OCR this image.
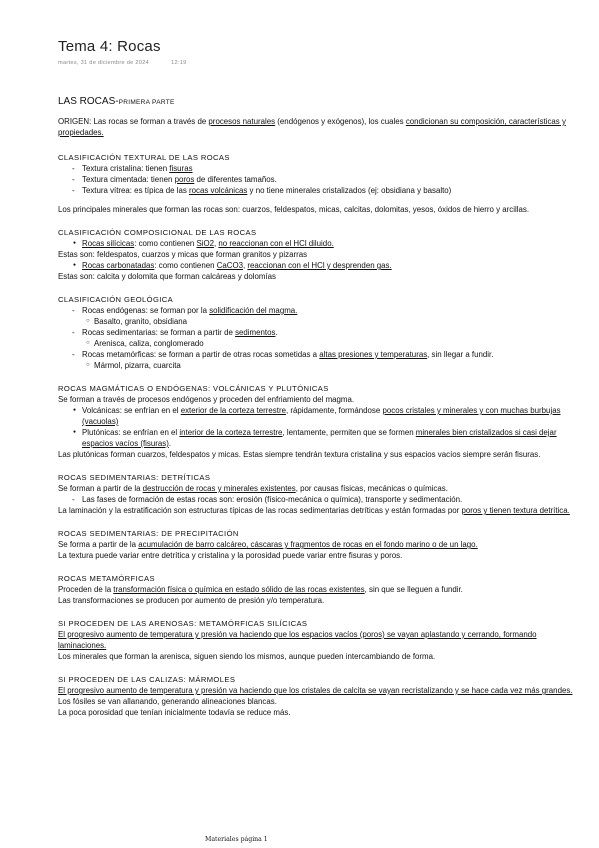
Tema 4: Rocas
martes, 31 de diciembre de 2024	12:19
LAS ROCAS-PRIMERA PARTE

ORIGEN: Las rocas se forman a través de procesos naturales (endógenos y exógenos), los cuales condicionan su composición, características y propiedades.

CLASIFICACIÓN TEXTURAL DE LAS ROCAS
- Textura cristalina: tienen fisuras
- Textura cimentada: tienen poros de diferentes tamaños.
- Textura vítrea: es típica de las rocas volcánicas y no tiene minerales cristalizados (ej: obsidiana y basalto)

Los principales minerales que forman las rocas son: cuarzos, feldespatos, micas, calcitas, dolomitas, yesos, óxidos de hierro y arcillas.

CLASIFICACIÓN COMPOSICIONAL DE LAS ROCAS
● Rocas silícicas: como contienen SiO2, no reaccionan con el HCl diluido.

Estas son: feldespatos, cuarzos y micas que forman granitos y pizarras

● Rocas carbonatadas: como contienen CaCO3, reaccionan con el HCl y desprenden gas.

Estas son: calcita y dolomita que forman calcáreas y dolomías

CLASIFICACIÓN GEOLÓGICA
- Rocas endógenas: se forman por la solidificación del magma.
○ Basalto, granito, obsidiana
- Rocas sedimentarias: se forman a partir de sedimentos.
○ Arenisca, caliza, conglomerado
- Rocas metamórficas: se forman a partir de otras rocas sometidas a altas presiones y temperaturas, sin llegar a fundir.
○ Mármol, pizarra, cuarcita
ROCAS MAGMÁTICAS O ENDÓGENAS: VOLCÁNICAS Y PLUTÓNICAS

Se forman a través de procesos endógenos y proceden del enfriamiento del magma.

● Volcánicas: se enfrían en el exterior de la corteza terrestre, rápidamente, formándose pocos cristales y minerales y con muchas burbujas (vacuolas)
● Plutónicas: se enfrían en el interior de la corteza terrestre, lentamente, permiten que se formen minerales bien cristalizados si casi dejar espacios vacíos (fisuras).

Las plutónicas forman cuarzos, feldespatos y micas. Estas siempre tendrán textura cristalina y sus espacios vacíos siempre serán fisuras.

ROCAS SEDIMENTARIAS: DETRÍTICAS

Se forman a partir de la destrucción de rocas y minerales existentes, por causas físicas, mecánicas o químicas.

- Las fases de formación de estas rocas son: erosión (físico-mecánica o química), transporte y sedimentación.

La laminación y la estratificación son estructuras típicas de las rocas sedimentarias detríticas y están formadas por poros y tienen textura detrítica.

ROCAS SEDIMENTARIAS: DE PRECIPITACIÓN

Se forma a partir de la acumulación de barro calcáreo, cáscaras y fragmentos de rocas en el fondo marino o de un lago.

La textura puede variar entre detrítica y cristalina y la porosidad puede variar entre fisuras y poros.

ROCAS METAMÓRFICAS

Proceden de la transformación física o química en estado sólido de las rocas existentes, sin que se lleguen a fundir.

Las transformaciones se producen por aumento de presión y/o temperatura.

SI PROCEDEN DE LAS ARENOSAS: METAMÓRFICAS SILÍCICAS

El progresivo aumento de temperatura y presión va haciendo que los espacios vacíos (poros) se vayan aplastando y cerrando, formando laminaciones.

Los minerales que forman la arenisca, siguen siendo los mismos, aunque pueden intercambiando de forma.

SI PROCEDEN DE LAS CALIZAS: MÁRMOLES

El progresivo aumento de temperatura y presión va haciendo que los cristales de calcita se vayan recristalizando y se hace cada vez más grandes. Los fósiles se van allanando, generando alineaciones blancas.

La poca porosidad que tenían inicialmente todavía se reduce más.

Materiales página 1
